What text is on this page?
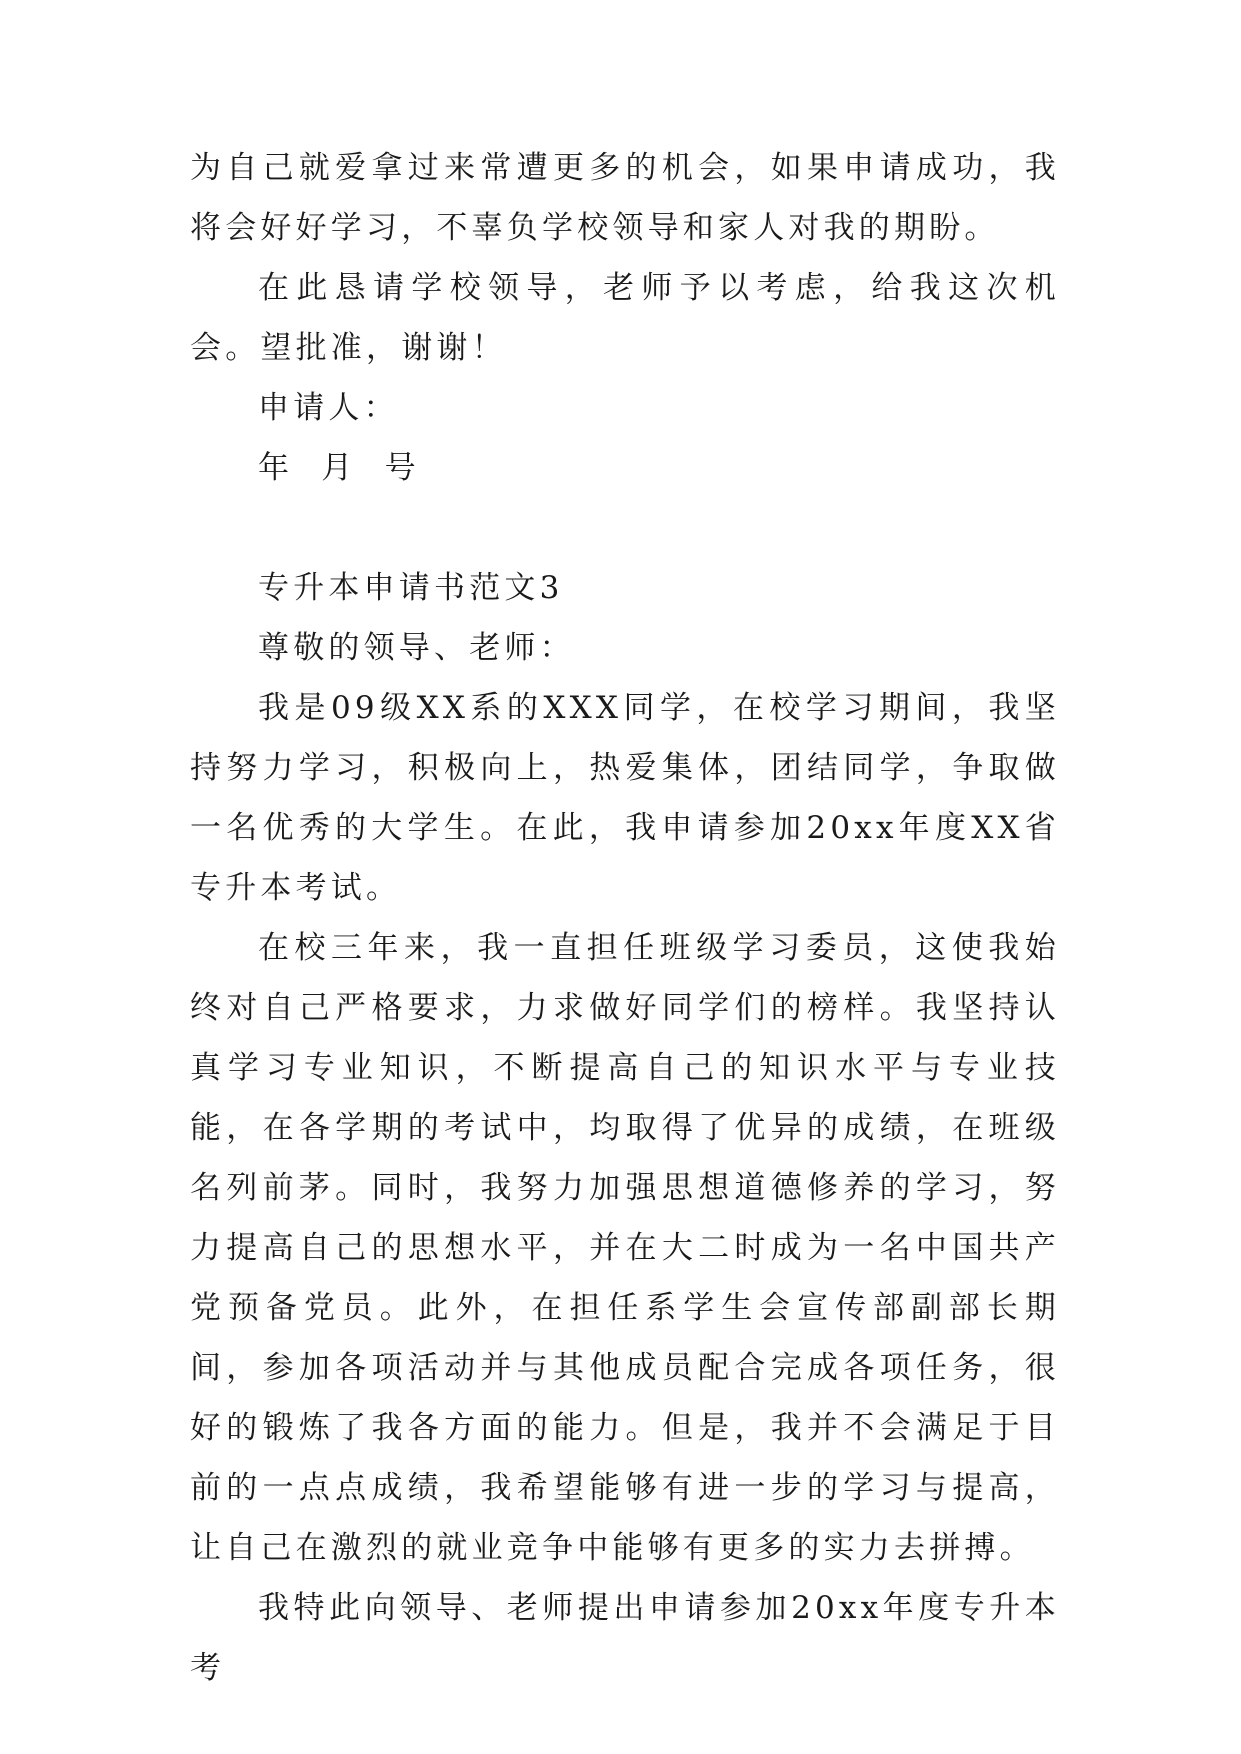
为自己就爱拿过来常遭更多的机会，如果申请成功，我将会好好学习，不辜负学校领导和家人对我的期盼。

在此恳请学校领导，老师予以考虑，给我这次机会。望批准，谢谢！

申请人：

年  月  号

专升本申请书范文3

尊敬的领导、老师：

我是09级XX系的XXX同学，在校学习期间，我坚持努力学习，积极向上，热爱集体，团结同学，争取做一名优秀的大学生。在此，我申请参加20xx年度XX省专升本考试。

在校三年来，我一直担任班级学习委员，这使我始终对自己严格要求，力求做好同学们的榜样。我坚持认真学习专业知识，不断提高自己的知识水平与专业技能，在各学期的考试中，均取得了优异的成绩，在班级名列前茅。同时，我努力加强思想道德修养的学习，努力提高自己的思想水平，并在大二时成为一名中国共产党预备党员。此外，在担任系学生会宣传部副部长期间，参加各项活动并与其他成员配合完成各项任务，很好的锻炼了我各方面的能力。但是，我并不会满足于目前的一点点成绩，我希望能够有进一步的学习与提高，让自己在激烈的就业竞争中能够有更多的实力去拼搏。

我特此向领导、老师提出申请参加20xx年度专升本考
